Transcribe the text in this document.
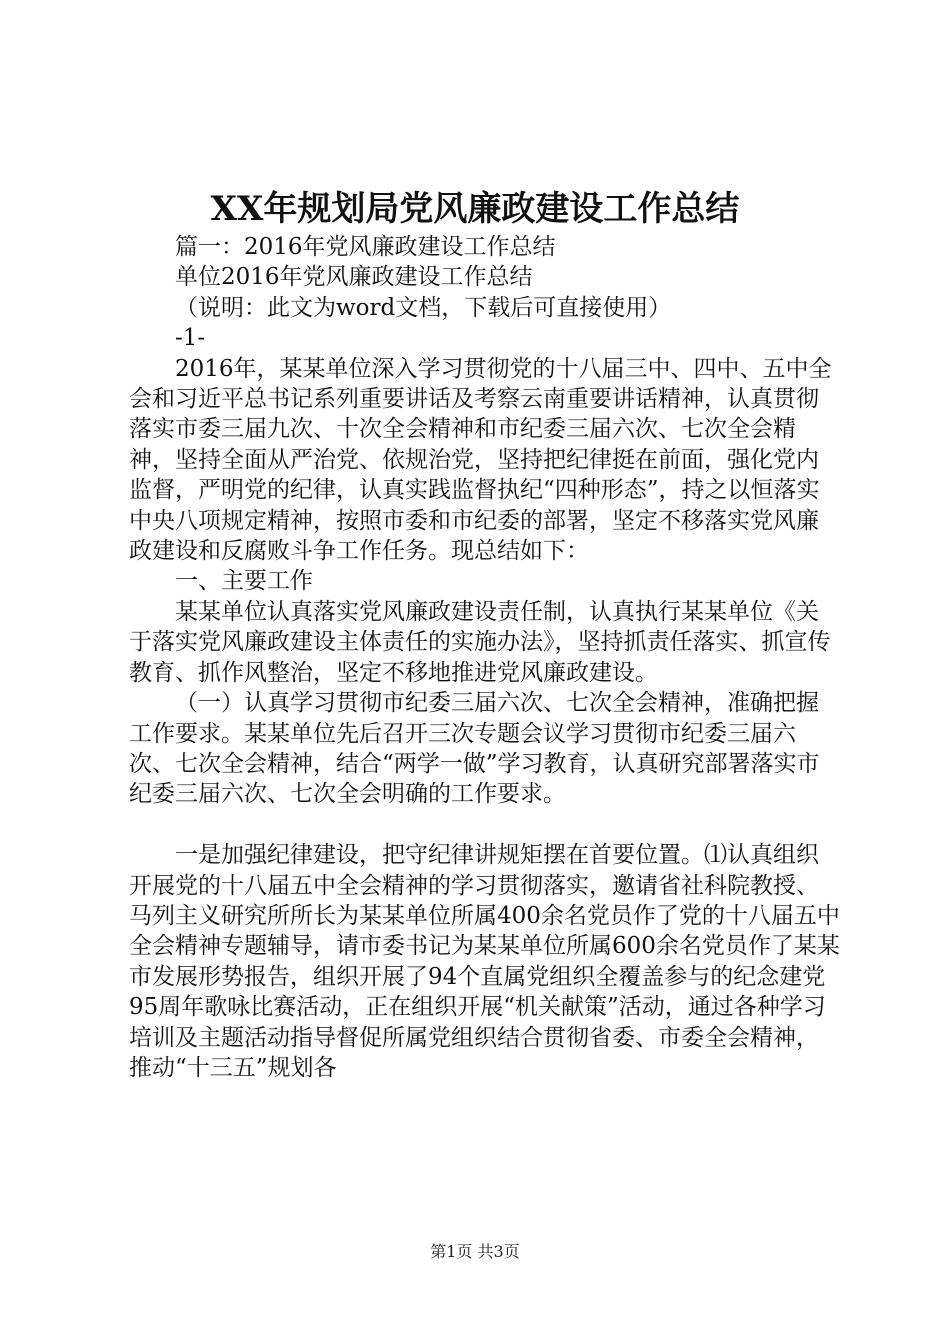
XX年规划局党风廉政建设工作总结

篇一：2016年党风廉政建设工作总结

单位2016年党风廉政建设工作总结

（说明：此文为word文档，下载后可直接使用）

-1-

2016年，某某单位深入学习贯彻党的十八届三中、四中、五中全会和习近平总书记系列重要讲话及考察云南重要讲话精神，认真贯彻落实市委三届九次、十次全会精神和市纪委三届六次、七次全会精神，坚持全面从严治党、依规治党，坚持把纪律挺在前面，强化党内监督，严明党的纪律，认真实践监督执纪“四种形态”，持之以恒落实中央八项规定精神，按照市委和市纪委的部署，坚定不移落实党风廉政建设和反腐败斗争工作任务。现总结如下：

一、主要工作

某某单位认真落实党风廉政建设责任制，认真执行某某单位《关于落实党风廉政建设主体责任的实施办法》，坚持抓责任落实、抓宣传教育、抓作风整治，坚定不移地推进党风廉政建设。

（一）认真学习贯彻市纪委三届六次、七次全会精神，准确把握工作要求。某某单位先后召开三次专题会议学习贯彻市纪委三届六次、七次全会精神，结合“两学一做”学习教育，认真研究部署落实市纪委三届六次、七次全会明确的工作要求。

一是加强纪律建设，把守纪律讲规矩摆在首要位置。⑴认真组织开展党的十八届五中全会精神的学习贯彻落实，邀请省社科院教授、马列主义研究所所长为某某单位所属400余名党员作了党的十八届五中全会精神专题辅导，请市委书记为某某单位所属600余名党员作了某某市发展形势报告，组织开展了94个直属党组织全覆盖参与的纪念建党95周年歌咏比赛活动，正在组织开展“机关献策”活动，通过各种学习培训及主题活动指导督促所属党组织结合贯彻省委、市委全会精神，推动“十三五”规划各

第1页 共3页
